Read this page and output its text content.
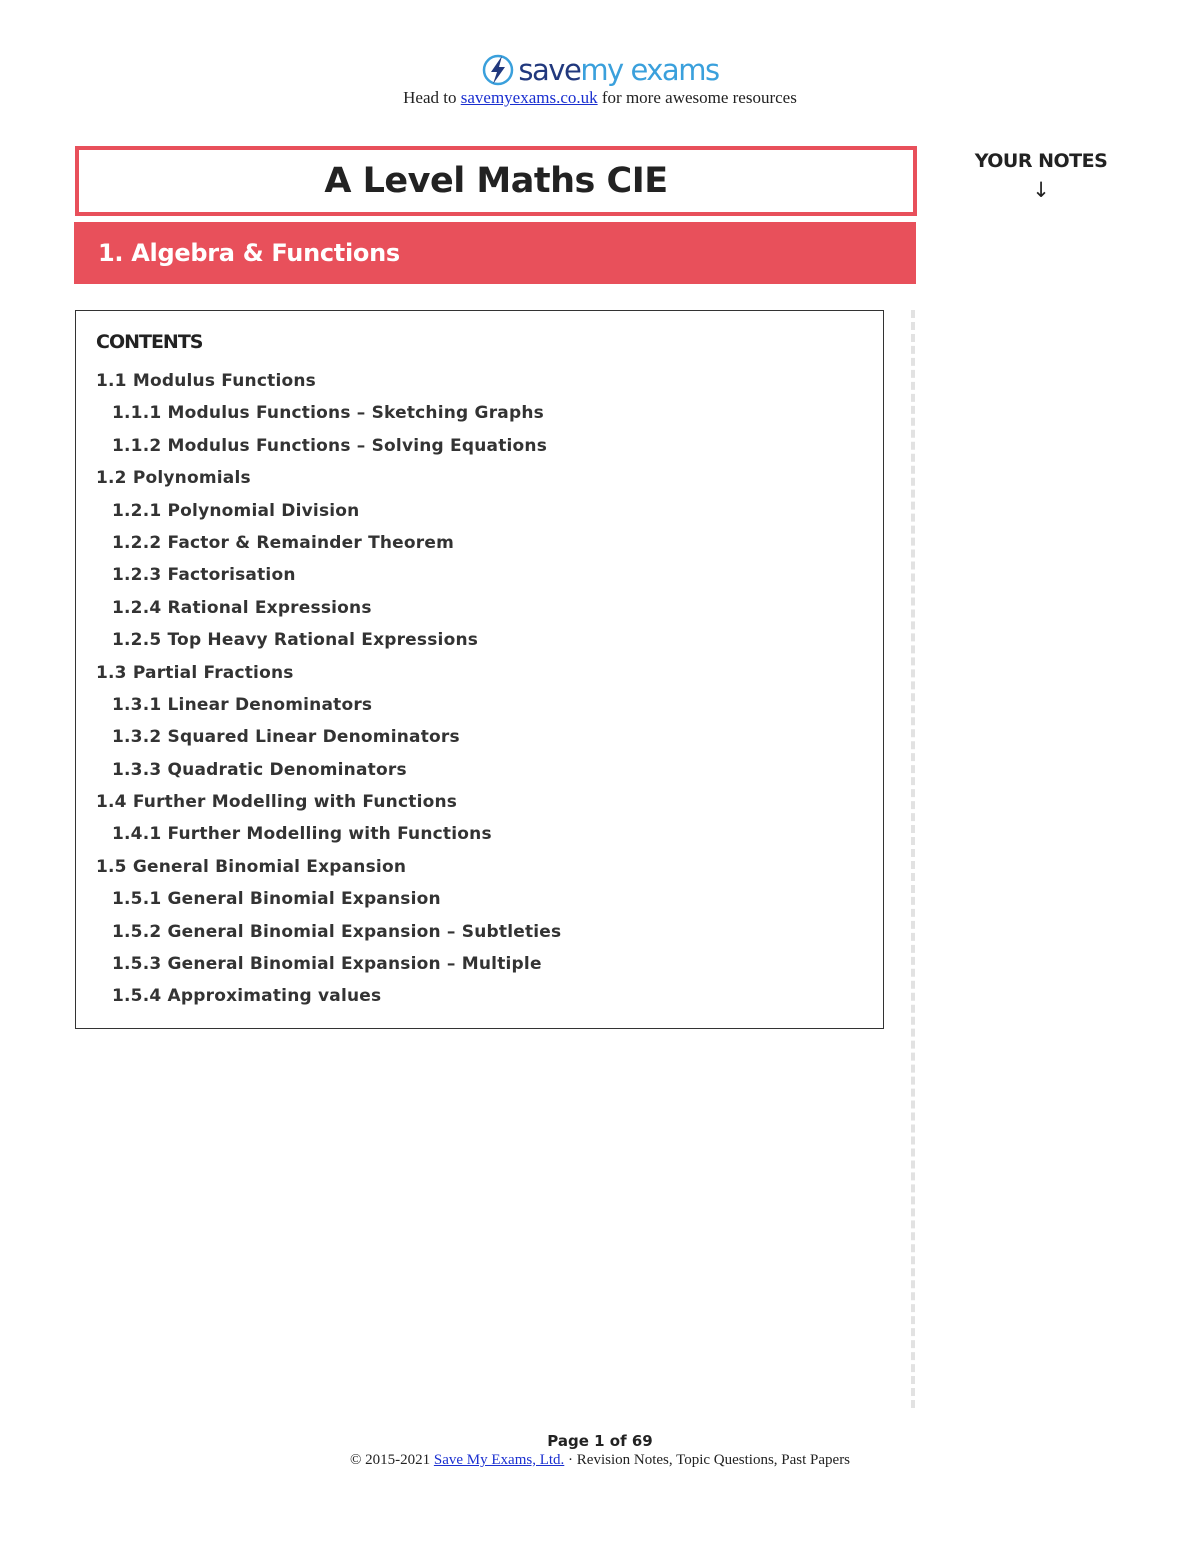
savemy exams
Head to savemyexams.co.uk for more awesome resources
A Level Maths CIE
1. Algebra & Functions
YOUR NOTES
↓
CONTENTS
1.1 Modulus Functions
1.1.1 Modulus Functions – Sketching Graphs
1.1.2 Modulus Functions – Solving Equations
1.2 Polynomials
1.2.1 Polynomial Division
1.2.2 Factor & Remainder Theorem
1.2.3 Factorisation
1.2.4 Rational Expressions
1.2.5 Top Heavy Rational Expressions
1.3 Partial Fractions
1.3.1 Linear Denominators
1.3.2 Squared Linear Denominators
1.3.3 Quadratic Denominators
1.4 Further Modelling with Functions
1.4.1 Further Modelling with Functions
1.5 General Binomial Expansion
1.5.1 General Binomial Expansion
1.5.2 General Binomial Expansion – Subtleties
1.5.3 General Binomial Expansion – Multiple
1.5.4 Approximating values
Page 1 of 69
© 2015-2021 Save My Exams, Ltd. · Revision Notes, Topic Questions, Past Papers
